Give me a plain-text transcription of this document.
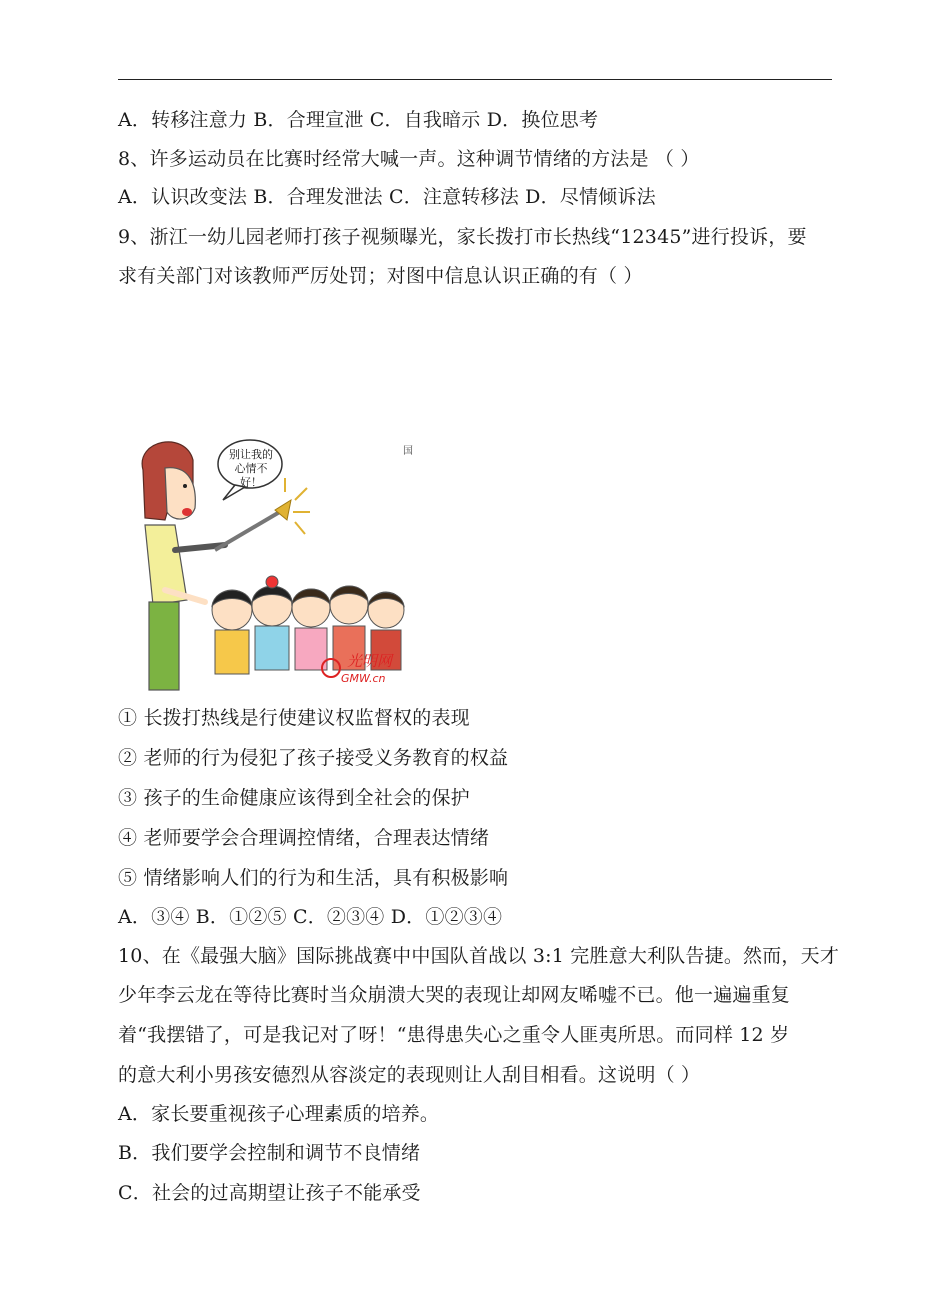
A．转移注意力 B．合理宣泄 C．自我暗示 D．换位思考
8、许多运动员在比赛时经常大喊一声。这种调节情绪的方法是 （ ）
A．认识改变法 B．合理发泄法 C．注意转移法 D．尽情倾诉法
9、浙江一幼儿园老师打孩子视频曝光，家长拨打市长热线“12345”进行投诉，要
求有关部门对该教师严厉处罚；对图中信息认识正确的有（ ）
别让我的心情不好！
光明网
GMW.cn
国
① 长拨打热线是行使建议权监督权的表现
② 老师的行为侵犯了孩子接受义务教育的权益
③ 孩子的生命健康应该得到全社会的保护
④ 老师要学会合理调控情绪，合理表达情绪
⑤ 情绪影响人们的行为和生活，具有积极影响
A．③④ B．①②⑤ C．②③④ D．①②③④
10、在《最强大脑》国际挑战赛中中国队首战以 3:1 完胜意大利队告捷。然而，天才
少年李云龙在等待比赛时当众崩溃大哭的表现让却网友唏嘘不已。他一遍遍重复
着“我摆错了，可是我记对了呀！“患得患失心之重令人匪夷所思。而同样 12 岁
的意大利小男孩安德烈从容淡定的表现则让人刮目相看。这说明（ ）
A．家长要重视孩子心理素质的培养。
B．我们要学会控制和调节不良情绪
C．社会的过高期望让孩子不能承受
